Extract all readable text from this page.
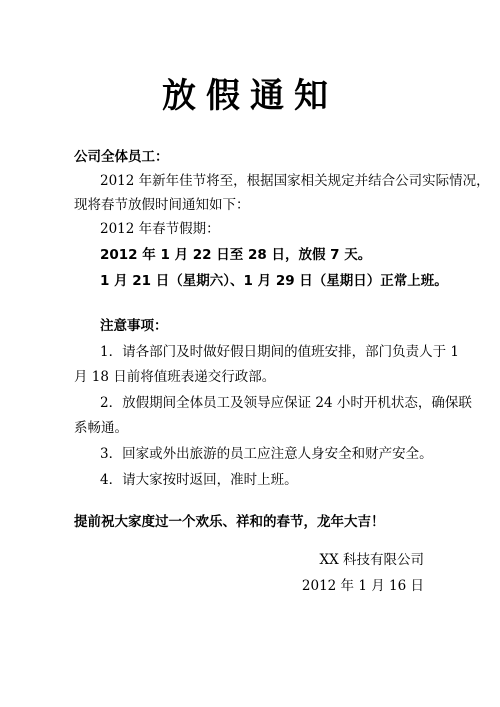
放假通知
公司全体员工：
2012 年新年佳节将至，根据国家相关规定并结合公司实际情况，
现将春节放假时间通知如下：
2012 年春节假期：
2012 年 1 月 22 日至 28 日，放假 7 天。
1 月 21 日（星期六）、1 月 29 日（星期日）正常上班。
注意事项：
1．请各部门及时做好假日期间的值班安排，部门负责人于 1
月 18 日前将值班表递交行政部。
2．放假期间全体员工及领导应保证 24 小时开机状态，确保联
系畅通。
3．回家或外出旅游的员工应注意人身安全和财产安全。
4．请大家按时返回，准时上班。
提前祝大家度过一个欢乐、祥和的春节，龙年大吉！
XX 科技有限公司
2012 年 1 月 16 日
